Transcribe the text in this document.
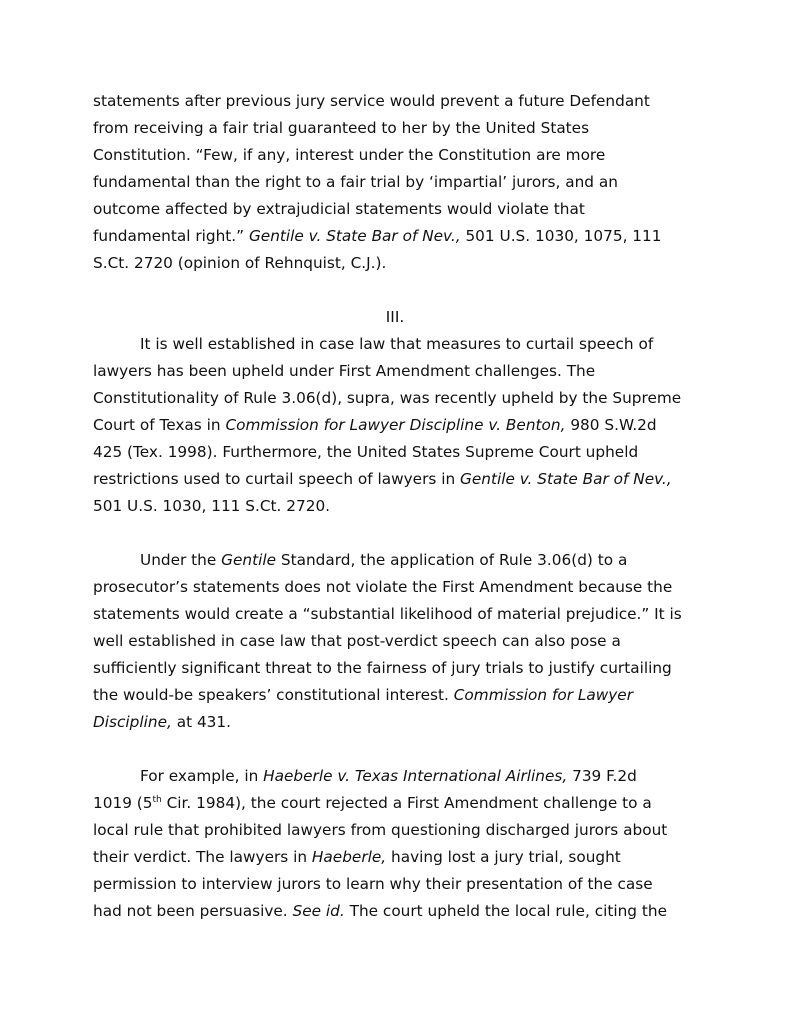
statements after previous jury service would prevent a future Defendant
from receiving a fair trial guaranteed to her by the United States
Constitution. “Few, if any, interest under the Constitution are more
fundamental than the right to a fair trial by ‘impartial’ jurors, and an
outcome affected by extrajudicial statements would violate that
fundamental right.” Gentile v. State Bar of Nev., 501 U.S. 1030, 1075, 111
S.Ct. 2720 (opinion of Rehnquist, C.J.).
III.
It is well established in case law that measures to curtail speech of
lawyers has been upheld under First Amendment challenges. The
Constitutionality of Rule 3.06(d), supra, was recently upheld by the Supreme
Court of Texas in Commission for Lawyer Discipline v. Benton, 980 S.W.2d
425 (Tex. 1998). Furthermore, the United States Supreme Court upheld
restrictions used to curtail speech of lawyers in Gentile v. State Bar of Nev.,
501 U.S. 1030, 111 S.Ct. 2720.
Under the Gentile Standard, the application of Rule 3.06(d) to a
prosecutor’s statements does not violate the First Amendment because the
statements would create a “substantial likelihood of material prejudice.” It is
well established in case law that post-verdict speech can also pose a
sufficiently significant threat to the fairness of jury trials to justify curtailing
the would-be speakers’ constitutional interest. Commission for Lawyer
Discipline, at 431.
For example, in Haeberle v. Texas International Airlines, 739 F.2d
1019 (5th Cir. 1984), the court rejected a First Amendment challenge to a
local rule that prohibited lawyers from questioning discharged jurors about
their verdict. The lawyers in Haeberle, having lost a jury trial, sought
permission to interview jurors to learn why their presentation of the case
had not been persuasive. See id. The court upheld the local rule, citing the
